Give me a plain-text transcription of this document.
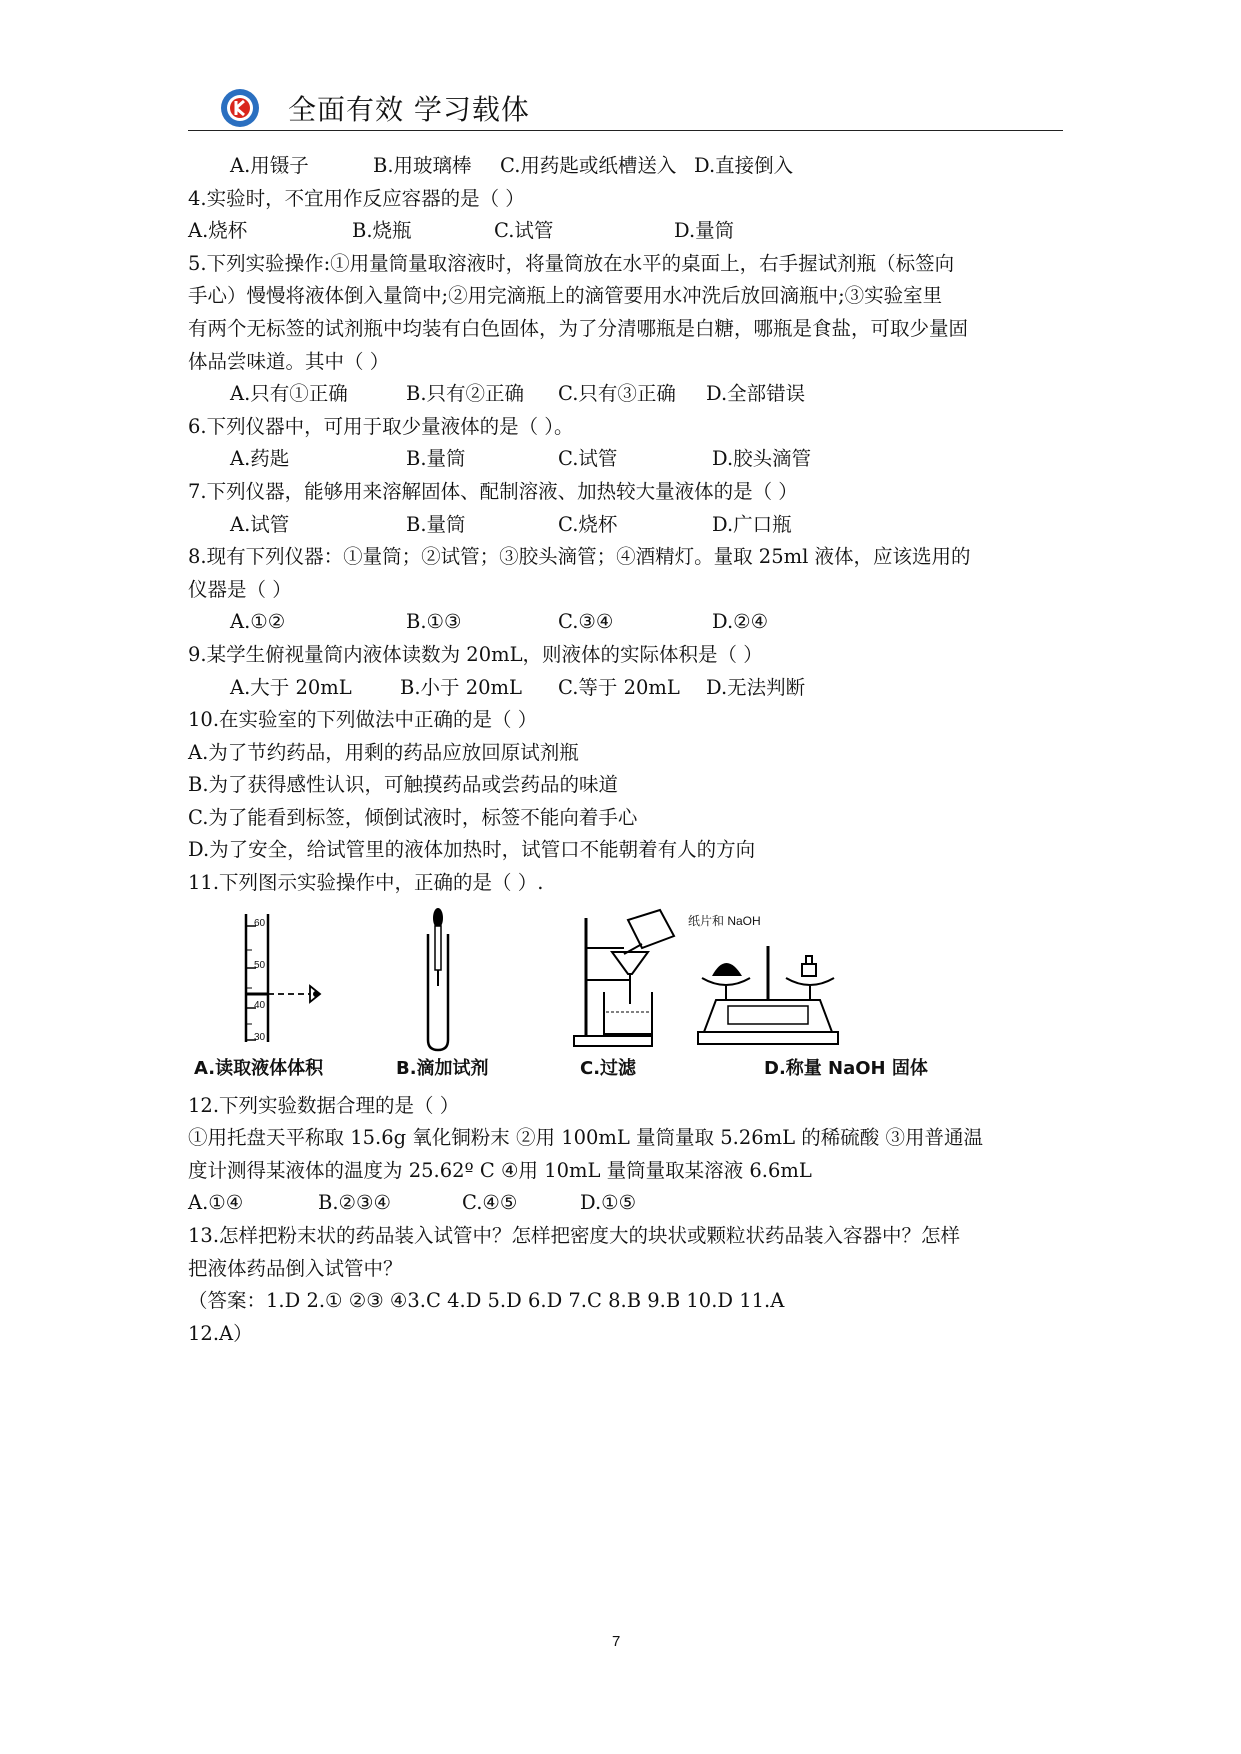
全面有效 学习载体
A.用镊子	B.用玻璃棒 C.用药匙或纸槽送入 D.直接倒入
4.实验时，不宜用作反应容器的是（ ）
A.烧杯	B.烧瓶	C.试管	D.量筒
5.下列实验操作:①用量筒量取溶液时，将量筒放在水平的桌面上，右手握试剂瓶（标签向
手心）慢慢将液体倒入量筒中;②用完滴瓶上的滴管要用水冲洗后放回滴瓶中;③实验室里
有两个无标签的试剂瓶中均装有白色固体，为了分清哪瓶是白糖，哪瓶是食盐，可取少量固
体品尝味道。其中（ ）
A.只有①正确	B.只有②正确 C.只有③正确 D.全部错误
6.下列仪器中，可用于取少量液体的是（ ）。
A.药匙	B.量筒	C.试管	D.胶头滴管
7.下列仪器，能够用来溶解固体、配制溶液、加热较大量液体的是（ ）
A.试管	B.量筒	C.烧杯	D.广口瓶
8.现有下列仪器：①量筒；②试管；③胶头滴管；④酒精灯。量取 25ml 液体，应该选用的
仪器是（ ）
A.①②	B.①③	C.③④	D.②④
9.某学生俯视量筒内液体读数为 20mL，则液体的实际体积是（ ）
A.大于 20mL B.小于 20mL C.等于 20mL D.无法判断
10.在实验室的下列做法中正确的是（ ）
A.为了节约药品，用剩的药品应放回原试剂瓶
B.为了获得感性认识，可触摸药品或尝药品的味道
C.为了能看到标签，倾倒试液时，标签不能向着手心
D.为了安全，给试管里的液体加热时，试管口不能朝着有人的方向
11.下列图示实验操作中，正确的是（ ）.
60
50
40
30
纸片和 NaOH
A.读取液体体积	B.滴加试剂	C.过滤	D.称量 NaOH 固体
12.下列实验数据合理的是（ ）
①用托盘天平称取 15.6g 氧化铜粉末 ②用 100mL 量筒量取 5.26mL 的稀硫酸 ③用普通温
度计测得某液体的温度为 25.62º C ④用 10mL 量筒量取某溶液 6.6mL
A.①④	B.②③④	C.④⑤	D.①⑤
13.怎样把粉末状的药品装入试管中？怎样把密度大的块状或颗粒状药品装入容器中？怎样
把液体药品倒入试管中？
（答案：1.D 2.① ②③ ④3.C 4.D 5.D 6.D 7.C 8.B 9.B 10.D 11.A
12.A）
7
